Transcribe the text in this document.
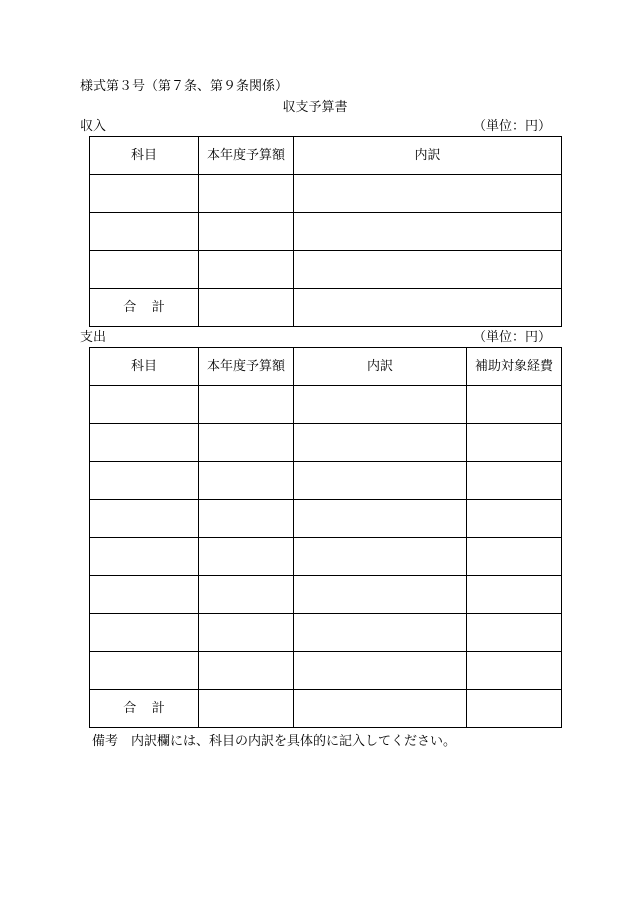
様式第３号（第７条、第９条関係）
収支予算書
収入	（単位：円）
科目	本年度予算額	内訳

合計		
支出	（単位：円）
科目	本年度予算額	内訳	補助対象経費

合計			
備考　内訳欄には、科目の内訳を具体的に記入してください。
